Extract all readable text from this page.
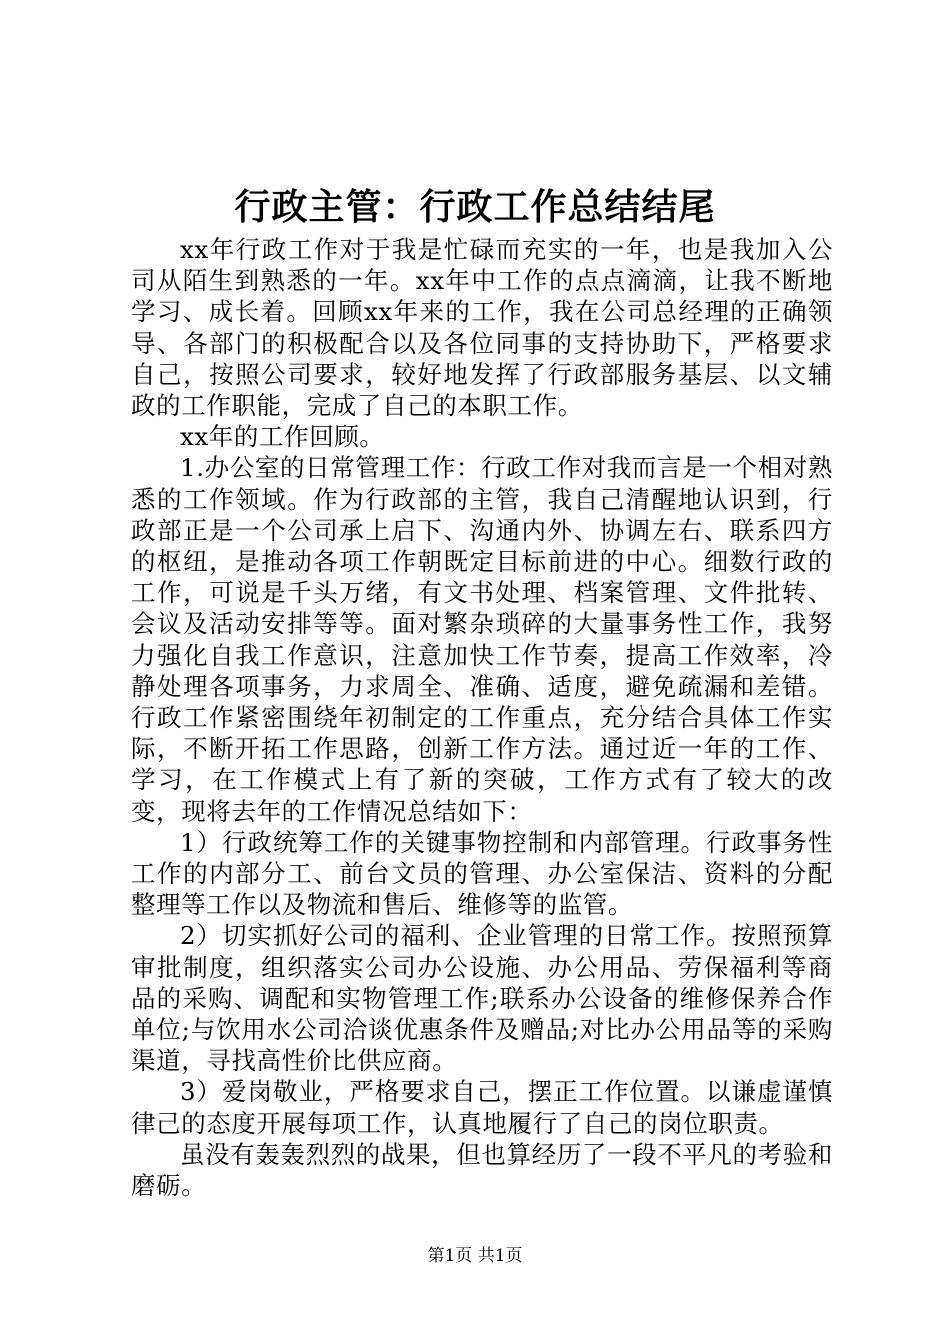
行政主管：行政工作总结结尾

xx年行政工作对于我是忙碌而充实的一年，也是我加入公司从陌生到熟悉的一年。xx年中工作的点点滴滴，让我不断地学习、成长着。回顾xx年来的工作，我在公司总经理的正确领导、各部门的积极配合以及各位同事的支持协助下，严格要求自己，按照公司要求，较好地发挥了行政部服务基层、以文辅政的工作职能，完成了自己的本职工作。

xx年的工作回顾。

1.办公室的日常管理工作：行政工作对我而言是一个相对熟悉的工作领域。作为行政部的主管，我自己清醒地认识到，行政部正是一个公司承上启下、沟通内外、协调左右、联系四方的枢纽，是推动各项工作朝既定目标前进的中心。细数行政的工作，可说是千头万绪，有文书处理、档案管理、文件批转、会议及活动安排等等。面对繁杂琐碎的大量事务性工作，我努力强化自我工作意识，注意加快工作节奏，提高工作效率，冷静处理各项事务，力求周全、准确、适度，避免疏漏和差错。行政工作紧密围绕年初制定的工作重点，充分结合具体工作实际，不断开拓工作思路，创新工作方法。通过近一年的工作、学习，在工作模式上有了新的突破，工作方式有了较大的改变，现将去年的工作情况总结如下：

1）行政统筹工作的关键事物控制和内部管理。行政事务性工作的内部分工、前台文员的管理、办公室保洁、资料的分配整理等工作以及物流和售后、维修等的监管。

2）切实抓好公司的福利、企业管理的日常工作。按照预算审批制度，组织落实公司办公设施、办公用品、劳保福利等商品的采购、调配和实物管理工作;联系办公设备的维修保养合作单位;与饮用水公司洽谈优惠条件及赠品;对比办公用品等的采购渠道，寻找高性价比供应商。

3）爱岗敬业，严格要求自己，摆正工作位置。以谦虚谨慎律己的态度开展每项工作，认真地履行了自己的岗位职责。

虽没有轰轰烈烈的战果，但也算经历了一段不平凡的考验和磨砺。

第1页 共1页
